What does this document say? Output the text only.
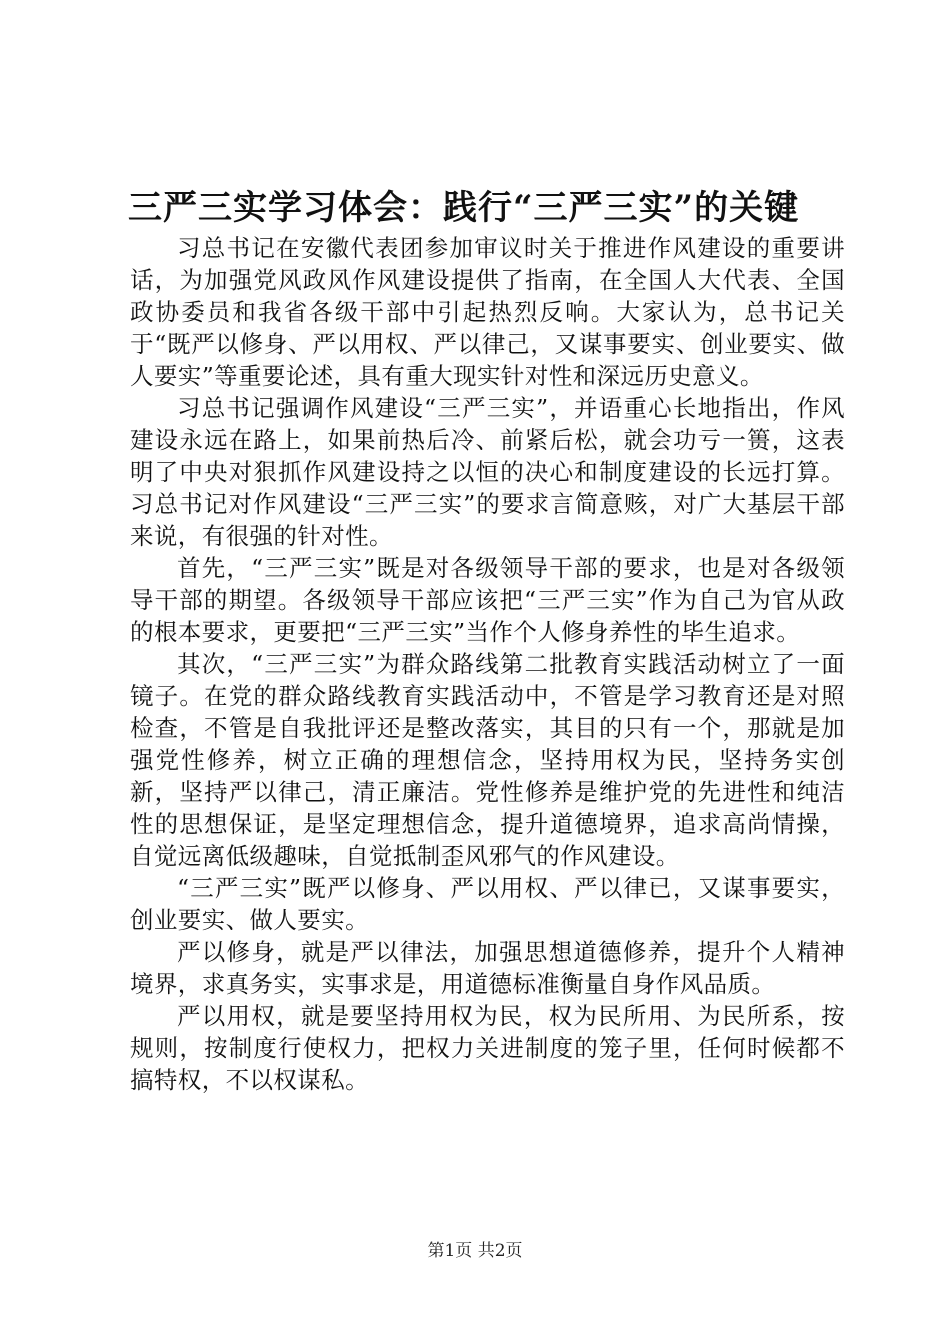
三严三实学习体会：践行“三严三实”的关键

习总书记在安徽代表团参加审议时关于推进作风建设的重要讲话，为加强党风政风作风建设提供了指南，在全国人大代表、全国政协委员和我省各级干部中引起热烈反响。大家认为，总书记关于“既严以修身、严以用权、严以律己，又谋事要实、创业要实、做人要实”等重要论述，具有重大现实针对性和深远历史意义。

习总书记强调作风建设“三严三实”，并语重心长地指出，作风建设永远在路上，如果前热后冷、前紧后松，就会功亏一篑，这表明了中央对狠抓作风建设持之以恒的决心和制度建设的长远打算。习总书记对作风建设“三严三实”的要求言简意赅，对广大基层干部来说，有很强的针对性。

首先，“三严三实”既是对各级领导干部的要求，也是对各级领导干部的期望。各级领导干部应该把“三严三实”作为自己为官从政的根本要求，更要把“三严三实”当作个人修身养性的毕生追求。

其次，“三严三实”为群众路线第二批教育实践活动树立了一面镜子。在党的群众路线教育实践活动中，不管是学习教育还是对照检查，不管是自我批评还是整改落实，其目的只有一个，那就是加强党性修养，树立正确的理想信念，坚持用权为民，坚持务实创新，坚持严以律己，清正廉洁。党性修养是维护党的先进性和纯洁性的思想保证，是坚定理想信念，提升道德境界，追求高尚情操，自觉远离低级趣味，自觉抵制歪风邪气的作风建设。

“三严三实”既严以修身、严以用权、严以律已，又谋事要实，创业要实、做人要实。

严以修身，就是严以律法，加强思想道德修养，提升个人精神境界，求真务实，实事求是，用道德标准衡量自身作风品质。

严以用权，就是要坚持用权为民，权为民所用、为民所系，按规则，按制度行使权力，把权力关进制度的笼子里，任何时候都不搞特权，不以权谋私。

第1页 共2页
